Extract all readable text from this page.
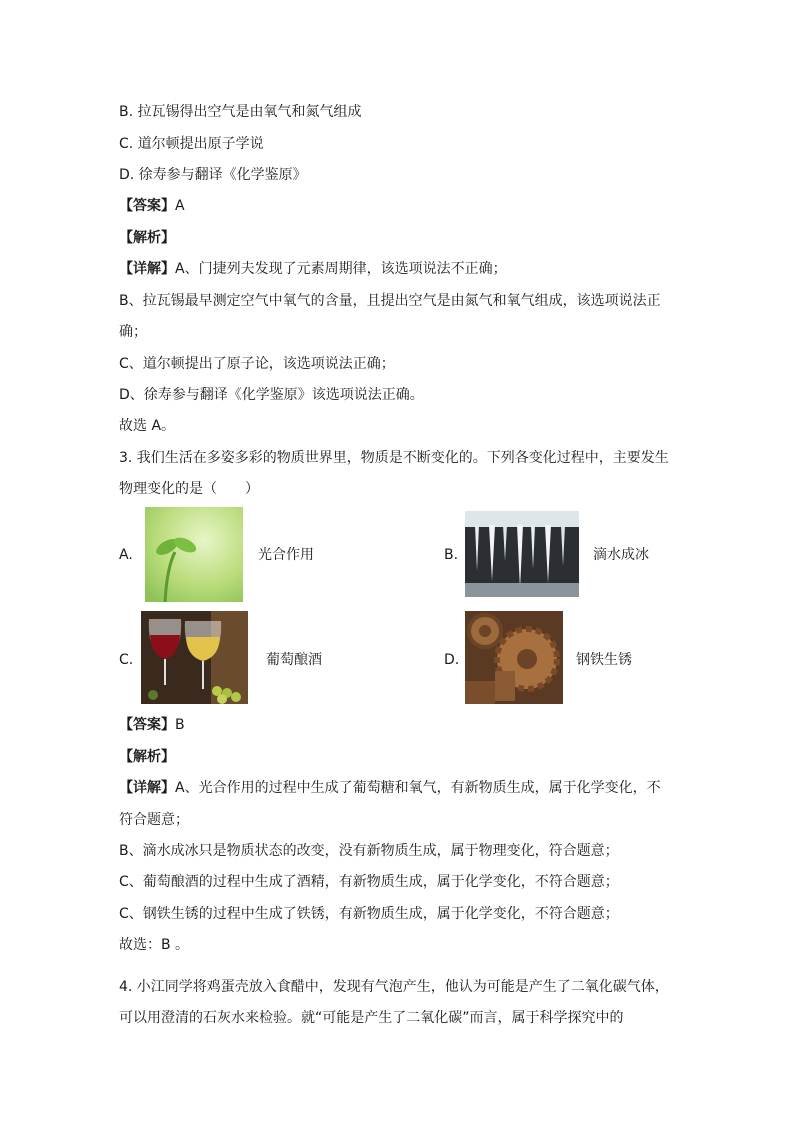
B. 拉瓦锡得出空气是由氧气和氮气组成
C. 道尔顿提出原子学说
D. 徐寿参与翻译《化学鉴原》
【答案】A
【解析】
【详解】A、门捷列夫发现了元素周期律，该选项说法不正确；
B、拉瓦锡最早测定空气中氧气的含量，且提出空气是由氮气和氧气组成，该选项说法正
确；
C、道尔顿提出了原子论，该选项说法正确；
D、徐寿参与翻译《化学鉴原》该选项说法正确。
故选 A。
3. 我们生活在多姿多彩的物质世界里，物质是不断变化的。下列各变化过程中，主要发生
物理变化的是（　　）
A.	光合作用	B.	滴水成冰
C.	葡萄酿酒	D.	钢铁生锈
【答案】B
【解析】
【详解】A、光合作用的过程中生成了葡萄糖和氧气，有新物质生成，属于化学变化，不
符合题意；
B、滴水成冰只是物质状态的改变，没有新物质生成，属于物理变化，符合题意；
C、葡萄酿酒的过程中生成了酒精，有新物质生成，属于化学变化，不符合题意；
C、钢铁生锈的过程中生成了铁锈，有新物质生成，属于化学变化，不符合题意；
故选：B 。
4. 小江同学将鸡蛋壳放入食醋中，发现有气泡产生，他认为可能是产生了二氧化碳气体，
可以用澄清的石灰水来检验。就“可能是产生了二氧化碳”而言，属于科学探究中的
